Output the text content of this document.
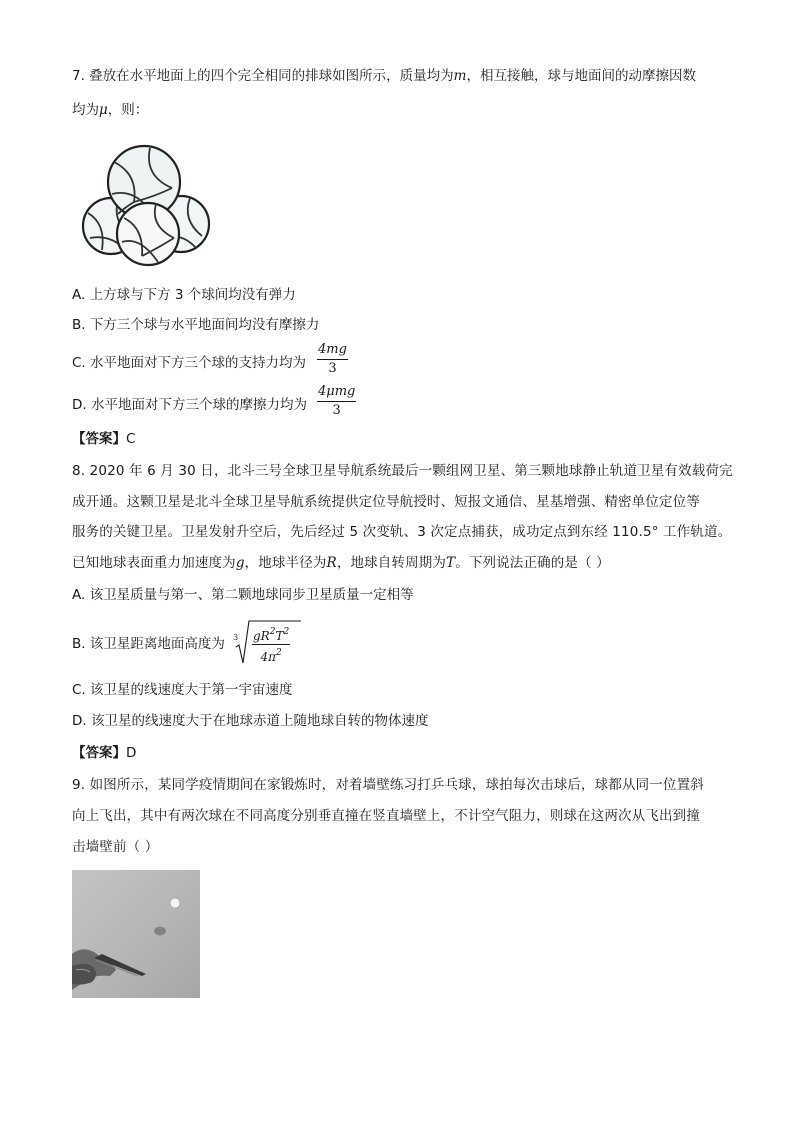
7. 叠放在水平地面上的四个完全相同的排球如图所示，质量均为m，相互接触，球与地面间的动摩擦因数
均为μ，则：
A. 上方球与下方 3 个球间均没有弹力
B. 下方三个球与水平地面间均没有摩擦力
C. 水平地面对下方三个球的支持力均为
4mg
3
D. 水平地面对下方三个球的摩擦力均为
4μmg
3
【答案】C
8. 2020 年 6 月 30 日，北斗三号全球卫星导航系统最后一颗组网卫星、第三颗地球静止轨道卫星有效载荷完
成开通。这颗卫星是北斗全球卫星导航系统提供定位导航授时、短报文通信、星基增强、精密单位定位等
服务的关键卫星。卫星发射升空后，先后经过 5 次变轨、3 次定点捕获，成功定点到东经 110.5° 工作轨道。
已知地球表面重力加速度为g，地球半径为R，地球自转周期为T。下列说法正确的是（ ）
A. 该卫星质量与第一、第二颗地球同步卫星质量一定相等
B. 该卫星距离地面高度为 3 $gR^2T^2$
$4\pi^2$
C. 该卫星的线速度大于第一宇宙速度
D. 该卫星的线速度大于在地球赤道上随地球自转的物体速度
【答案】D
9. 如图所示，某同学疫情期间在家锻炼时，对着墙壁练习打乒乓球，球拍每次击球后，球都从同一位置斜
向上飞出，其中有两次球在不同高度分别垂直撞在竖直墙壁上，不计空气阻力，则球在这两次从飞出到撞
击墙壁前（ ）
